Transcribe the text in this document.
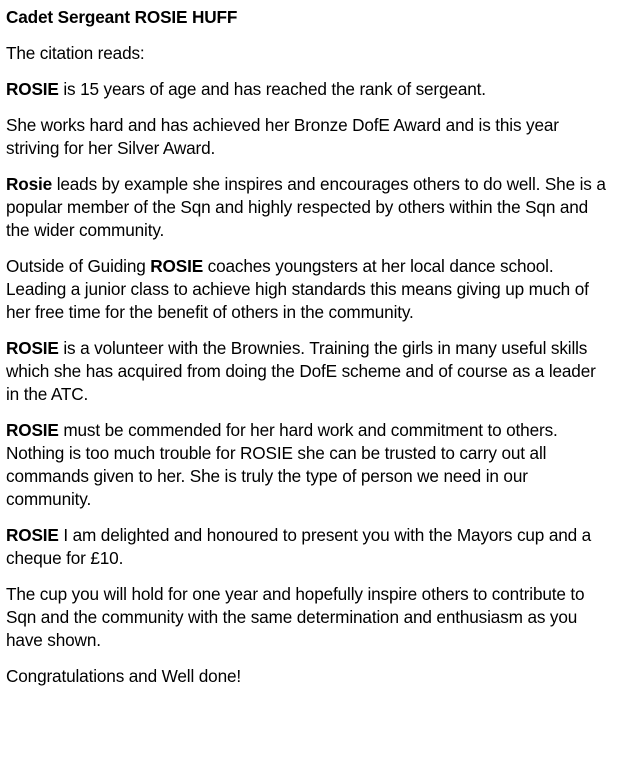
Cadet Sergeant ROSIE HUFF

The citation reads:

ROSIE is 15 years of age and has reached the rank of sergeant.

She works hard and has achieved her Bronze DofE Award and is this year striving for her Silver Award.

Rosie leads by example she inspires and encourages others to do well. She is a popular member of the Sqn and highly respected by others within the Sqn and the wider community.

Outside of Guiding ROSIE coaches youngsters at her local dance school. Leading a junior class to achieve high standards this means giving up much of her free time for the benefit of others in the community.

ROSIE is a volunteer with the Brownies. Training the girls in many useful skills which she has acquired from doing the DofE scheme and of course as a leader in the ATC.

ROSIE must be commended for her hard work and commitment to others. Nothing is too much trouble for ROSIE she can be trusted to carry out all commands given to her. She is truly the type of person we need in our community.

ROSIE I am delighted and honoured to present you with the Mayors cup and a cheque for £10.

The cup you will hold for one year and hopefully inspire others to contribute to Sqn and the community with the same determination and enthusiasm as you have shown.

Congratulations and Well done!
